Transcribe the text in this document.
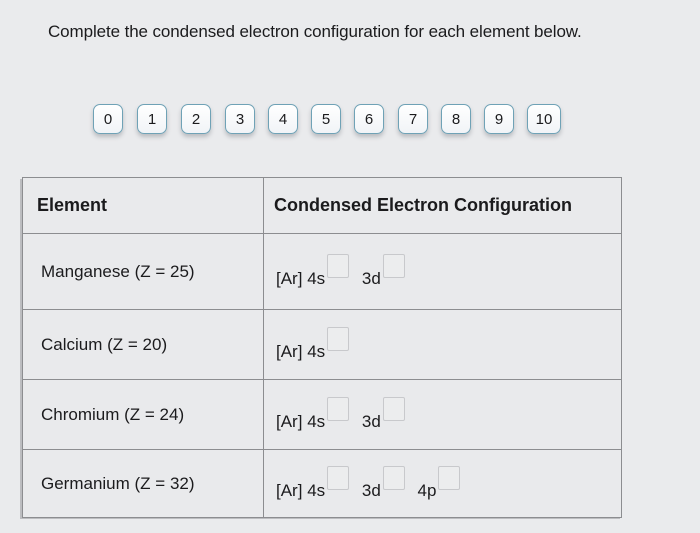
Complete the condensed electron configuration for each element below.
0	1	2	3	4	5	6	7	8	9	10
Element	Condensed Electron Configuration
Manganese (Z = 25)	[Ar] 4s 3d
Calcium (Z = 20)	[Ar] 4s
Chromium (Z = 24)	[Ar] 4s 3d
Germanium (Z = 32)	[Ar] 4s 3d 4p
